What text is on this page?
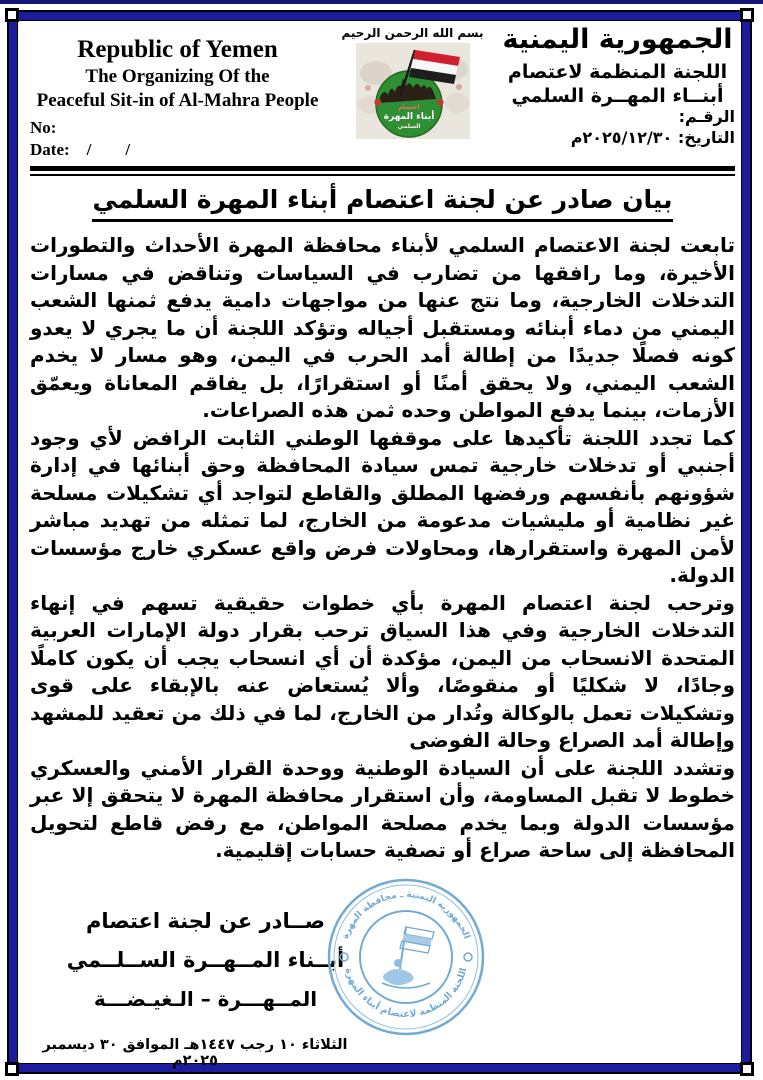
Republic of Yemen
The Organizing Of the
Peaceful Sit-in of Al-Mahra People
No:
Date:    /        /
بسم الله الرحمن الرحيم
اعتصام
أبناء المهرة
السلمي
الجمهورية اليمنية
اللجنة المنظمة لاعتصام
أبنــاء المهــرة السلمي
الرقـم:
التاريخ: ٢٠٢٥/١٢/٣٠م
بيان صادر عن لجنة اعتصام أبناء المهرة السلمي

تابعت لجنة الاعتصام السلمي لأبناء محافظة المهرة الأحداث والتطورات الأخيرة، وما رافقها من تضارب في السياسات وتناقض في مسارات التدخلات الخارجية، وما نتج عنها من مواجهات دامية يدفع ثمنها الشعب اليمني من دماء أبنائه ومستقبل أجياله وتؤكد اللجنة أن ما يجري لا يعدو كونه فصلًا جديدًا من إطالة أمد الحرب في اليمن، وهو مسار لا يخدم الشعب اليمني، ولا يحقق أمنًا أو استقرارًا، بل يفاقم المعاناة ويعمّق الأزمات، بينما يدفع المواطن وحده ثمن هذه الصراعات.

كما تجدد اللجنة تأكيدها على موقفها الوطني الثابت الرافض لأي وجود أجنبي أو تدخلات خارجية تمس سيادة المحافظة وحق أبنائها في إدارة شؤونهم بأنفسهم ورفضها المطلق والقاطع لتواجد أي تشكيلات مسلحة غير نظامية أو مليشيات مدعومة من الخارج، لما تمثله من تهديد مباشر لأمن المهرة واستقرارها، ومحاولات فرض واقع عسكري خارج مؤسسات الدولة.

وترحب لجنة اعتصام المهرة بأي خطوات حقيقية تسهم في إنهاء التدخلات الخارجية وفي هذا السياق ترحب بقرار دولة الإمارات العربية المتحدة الانسحاب من اليمن، مؤكدة أن أي انسحاب يجب أن يكون كاملًا وجادًا، لا شكليًا أو منقوصًا، وألا يُستعاض عنه بالإبقاء على قوى وتشكيلات تعمل بالوكالة وتُدار من الخارج، لما في ذلك من تعقيد للمشهد وإطالة أمد الصراع وحالة الفوضى

وتشدد اللجنة على أن السيادة الوطنية ووحدة القرار الأمني والعسكري خطوط لا تقبل المساومة، وأن استقرار محافظة المهرة لا يتحقق إلا عبر مؤسسات الدولة وبما يخدم مصلحة المواطن، مع رفض قاطع لتحويل المحافظة إلى ساحة صراع أو تصفية حسابات إقليمية.

صــادر عن لجنة اعتصام
أبــناء المــهــرة الســلــمي
المــهـــرة – الـغيـضـــة
الثلاثاء ١٠ رجب ١٤٤٧هـ الموافق ٣٠ ديسمبر ٢٠٢٥م
الجمهورية اليمنية ـ محافظة المهرة
اللجنة المنظمة لاعتصام أبناء المهرة
